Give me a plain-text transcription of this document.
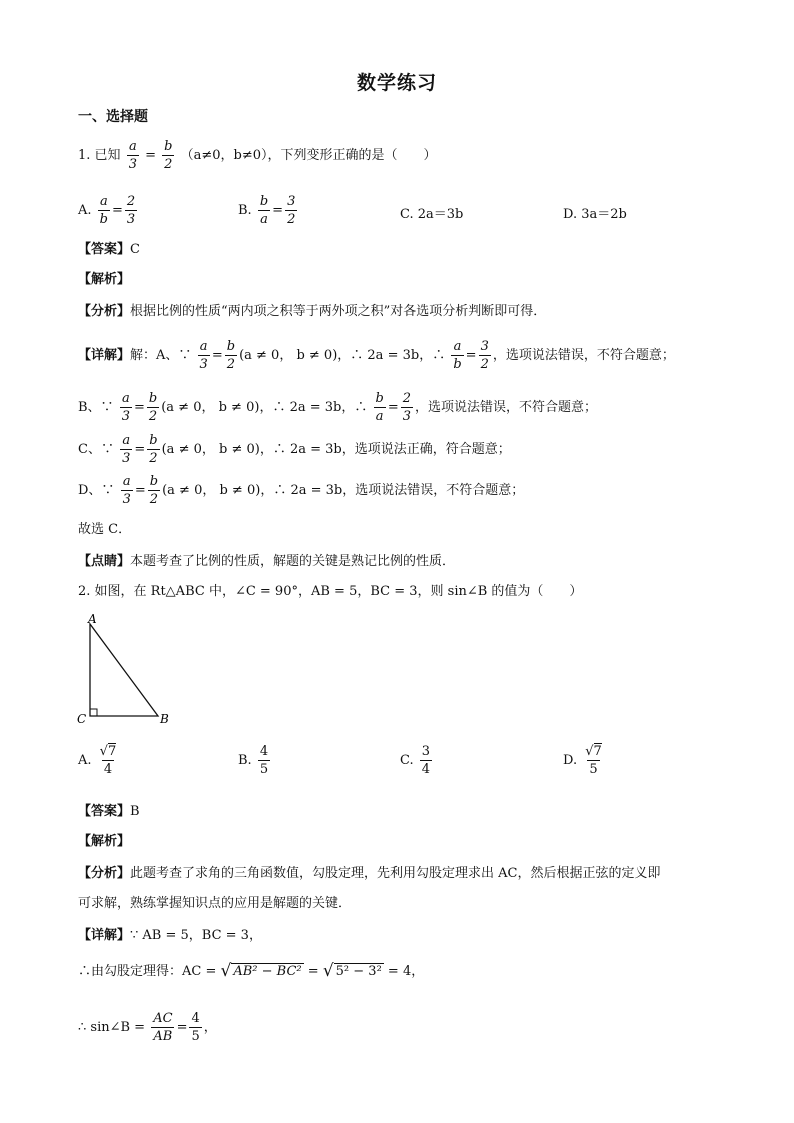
数学练习
一、选择题
1. 已知 $\frac{a}{3} = \frac{b}{2} (a\ne 0$，b≠0），下列变形正确的是（　　）
A. $\frac{a}{b} = \frac{2}{3}$	B. $\frac{b}{a} = \frac{3}{2}$	C. 2a＝3b	D. 3a＝2b
【答案】C
【解析】
【分析】根据比例的性质“两内项之积等于两外项之积”对各选项分析判断即可得．
【详解】解：A、∵ $\frac{a}{3} = \frac{b}{2} (a \ne 0$， b ≠ 0)，∴ 2a = 3b，∴ $\frac{a}{b} = \frac{3}{2}$ ，选项说法错误，不符合题意；
B、∵ $\frac{a}{3} = \frac{b}{2} (a \ne 0$， b ≠ 0)，∴ 2a = 3b，∴ $\frac{b}{a} = \frac{2}{3}$ ，选项说法错误，不符合题意；
C、∵ $\frac{a}{3} = \frac{b}{2} (a \ne 0$， b ≠ 0)，∴ 2a = 3b，选项说法正确，符合题意；
D、∵ $\frac{a}{3} = \frac{b}{2} (a \ne 0$， b ≠ 0)，∴ 2a = 3b，选项说法错误，不符合题意；
故选 C．
【点睛】本题考查了比例的性质，解题的关键是熟记比例的性质．
2. 如图，在 Rt△ABC 中，∠C = 90°，AB = 5，BC = 3，则 sin∠B 的值为（　　）
A
C	B
A. $\frac{√7}{4}$	B. $\frac{4}{5}$	C. $\frac{3}{4}$	D. $\frac{√7}{5}$
【答案】B
【解析】
【分析】此题考查了求角的三角函数值，勾股定理，先利用勾股定理求出 AC，然后根据正弦的定义即
可求解，熟练掌握知识点的应用是解题的关键．
【详解】∵ AB = 5，BC = 3，
∴由勾股定理得：AC = √ AB² − BC² = √ 5² − 3² = 4，
∴ sin∠B = $\frac{AC}{AB} = \frac{4}{5}$ ，
